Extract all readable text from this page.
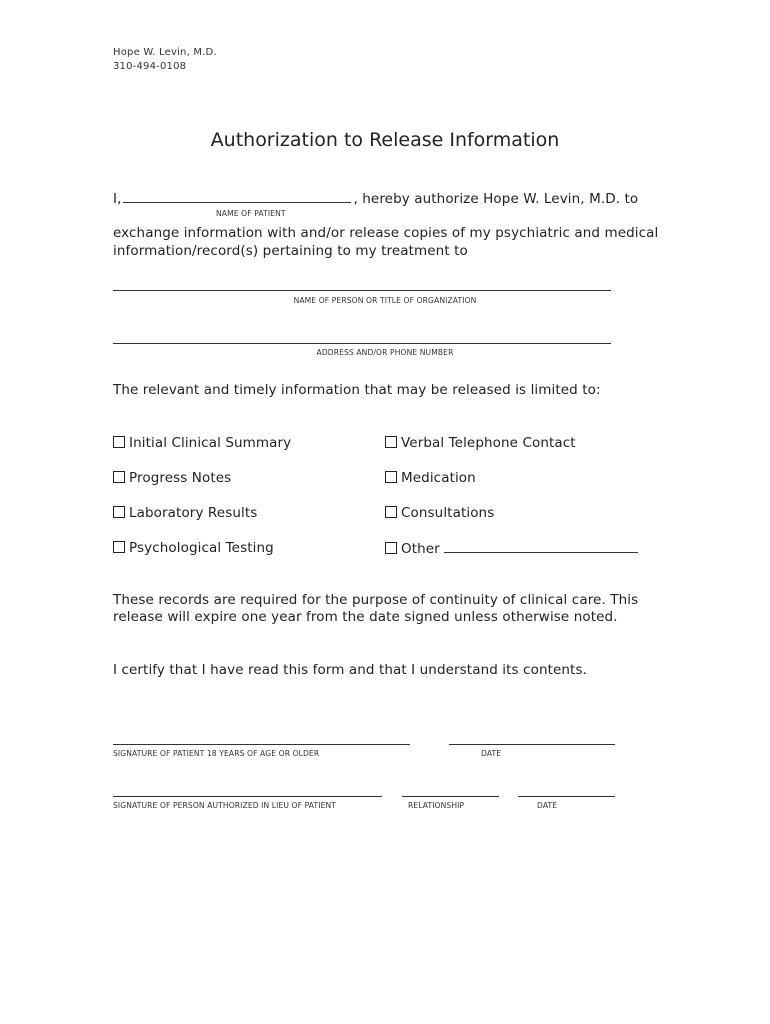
Hope W. Levin, M.D.
310-494-0108
Authorization to Release Information
I,	, hereby authorize Hope W. Levin, M.D. to
NAME OF PATIENT
exchange information with and/or release copies of my psychiatric and medical
information/record(s) pertaining to my treatment to
NAME OF PERSON OR TITLE OF ORGANIZATION
ADDRESS AND/OR PHONE NUMBER
The relevant and timely information that may be released is limited to:
Initial Clinical Summary
Progress Notes
Laboratory Results
Psychological Testing
Verbal Telephone Contact
Medication
Consultations
Other
These records are required for the purpose of continuity of clinical care. This
release will expire one year from the date signed unless otherwise noted.
I certify that I have read this form and that I understand its contents.
SIGNATURE OF PATIENT 18 YEARS OF AGE OR OLDER	DATE
SIGNATURE OF PERSON AUTHORIZED IN LIEU OF PATIENT	RELATIONSHIP	DATE
